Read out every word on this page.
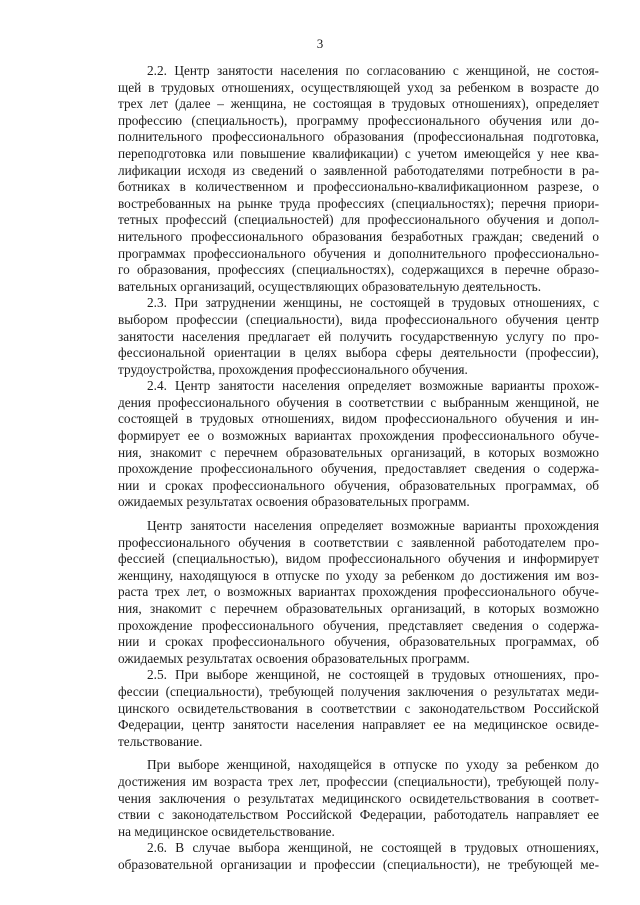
3
2.2. Центр занятости населения по согласованию с женщиной, не состоя-
щей в трудовых отношениях, осуществляющей уход за ребенком в возрасте до
трех лет (далее – женщина, не состоящая в трудовых отношениях), определяет
профессию (специальность), программу профессионального обучения или до-
полнительного профессионального образования (профессиональная подготовка,
переподготовка или повышение квалификации) с учетом имеющейся у нее ква-
лификации исходя из сведений о заявленной работодателями потребности в ра-
ботниках в количественном и профессионально-квалификационном разрезе, о
востребованных на рынке труда профессиях (специальностях); перечня приори-
тетных профессий (специальностей) для профессионального обучения и допол-
нительного профессионального образования безработных граждан; сведений о
программах профессионального обучения и дополнительного профессионально-
го образования, профессиях (специальностях), содержащихся в перечне образо-
вательных организаций, осуществляющих образовательную деятельность.
2.3. При затруднении женщины, не состоящей в трудовых отношениях, с
выбором профессии (специальности), вида профессионального обучения центр
занятости населения предлагает ей получить государственную услугу по про-
фессиональной ориентации в целях выбора сферы деятельности (профессии),
трудоустройства, прохождения профессионального обучения.
2.4. Центр занятости населения определяет возможные варианты прохож-
дения профессионального обучения в соответствии с выбранным женщиной, не
состоящей в трудовых отношениях, видом профессионального обучения и ин-
формирует ее о возможных вариантах прохождения профессионального обуче-
ния, знакомит с перечнем образовательных организаций, в которых возможно
прохождение профессионального обучения, предоставляет сведения о содержа-
нии и сроках профессионального обучения, образовательных программах, об
ожидаемых результатах освоения образовательных программ.
Центр занятости населения определяет возможные варианты прохождения
профессионального обучения в соответствии с заявленной работодателем про-
фессией (специальностью), видом профессионального обучения и информирует
женщину, находящуюся в отпуске по уходу за ребенком до достижения им воз-
раста трех лет, о возможных вариантах прохождения профессионального обуче-
ния, знакомит с перечнем образовательных организаций, в которых возможно
прохождение профессионального обучения, представляет сведения о содержа-
нии и сроках профессионального обучения, образовательных программах, об
ожидаемых результатах освоения образовательных программ.
2.5. При выборе женщиной, не состоящей в трудовых отношениях, про-
фессии (специальности), требующей получения заключения о результатах меди-
цинского освидетельствования в соответствии с законодательством Российской
Федерации, центр занятости населения направляет ее на медицинское освиде-
тельствование.
При выборе женщиной, находящейся в отпуске по уходу за ребенком до
достижения им возраста трех лет, профессии (специальности), требующей полу-
чения заключения о результатах медицинского освидетельствования в соответ-
ствии с законодательством Российской Федерации, работодатель направляет ее
на медицинское освидетельствование.
2.6. В случае выбора женщиной, не состоящей в трудовых отношениях,
образовательной организации и профессии (специальности), не требующей ме-
